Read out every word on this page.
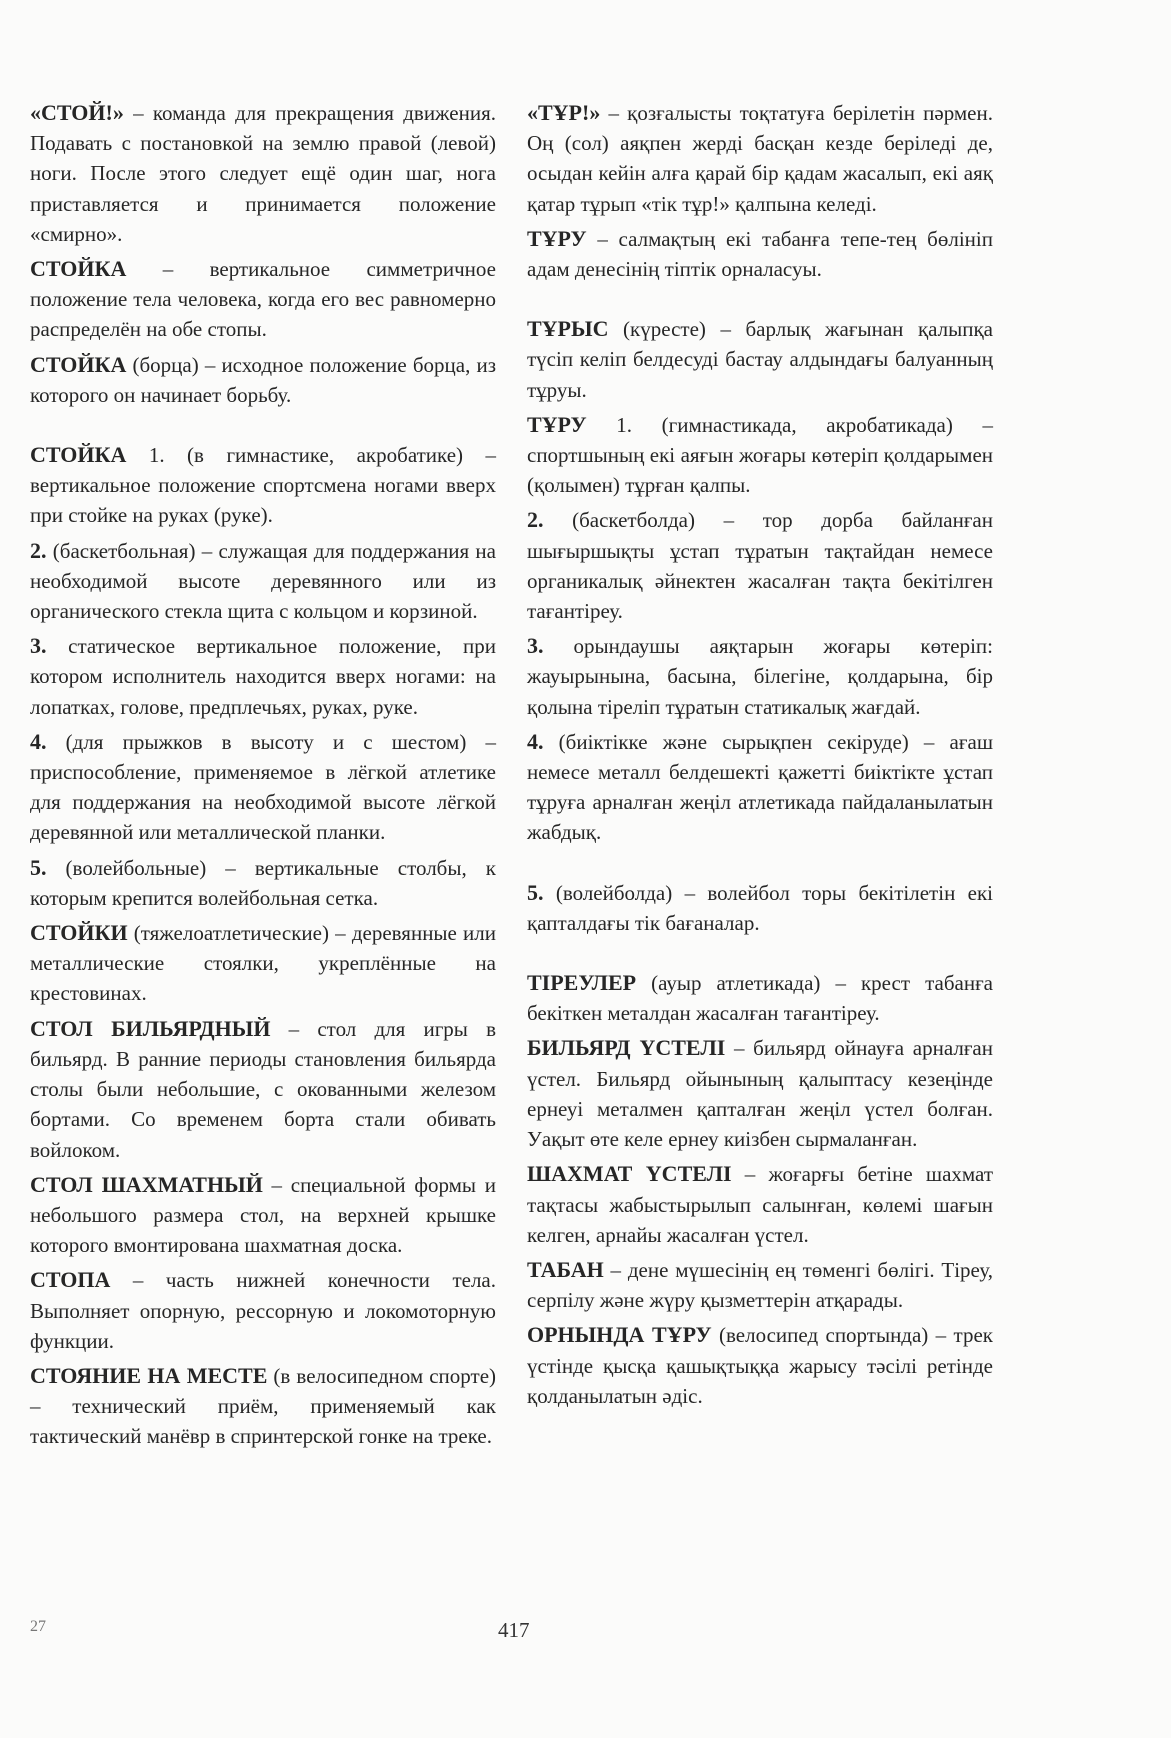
«СТОЙ!» – команда для прекращения движения. Подавать с постановкой на землю правой (левой) ноги. После этого следует ещё один шаг, нога приставляется и принимается положение «смирно».

СТОЙКА – вертикальное симметричное положение тела человека, когда его вес равномерно распределён на обе стопы.

СТОЙКА (борца) – исходное положение борца, из которого он начинает борьбу.

СТОЙКА 1. (в гимнастике, акробатике) – вертикальное положение спортсмена ногами вверх при стойке на руках (руке).

2. (баскетбольная) – служащая для поддержания на необходимой высоте деревянного или из органического стекла щита с кольцом и корзиной.

3. статическое вертикальное положение, при котором исполнитель находится вверх ногами: на лопатках, голове, предплечьях, руках, руке.

4. (для прыжков в высоту и с шестом) – приспособление, применяемое в лёгкой атлетике для поддержания на необходимой высоте лёгкой деревянной или металлической планки.

5. (волейбольные) – вертикальные столбы, к которым крепится волейбольная сетка.

СТОЙКИ (тяжелоатлетические) – деревянные или металлические стоялки, укреплённые на крестовинах.

СТОЛ БИЛЬЯРДНЫЙ – стол для игры в бильярд. В ранние периоды становления бильярда столы были небольшие, с окованными железом бортами. Со временем борта стали обивать войлоком.

СТОЛ ШАХМАТНЫЙ – специальной формы и небольшого размера стол, на верхней крышке которого вмонтирована шахматная доска.

СТОПА – часть нижней конечности тела. Выполняет опорную, рессорную и локомоторную функции.

СТОЯНИЕ НА МЕСТЕ (в велосипедном спорте) – технический приём, применяемый как тактический манёвр в спринтерской гонке на треке.

«ТҰР!» – қозғалысты тоқтатуға берілетін пәрмен. Оң (сол) аяқпен жерді басқан кезде беріледі де, осыдан кейін алға қарай бір қадам жасалып, екі аяқ қатар тұрып «тік тұр!» қалпына келеді.

ТҰРУ – салмақтың екі табанға тепе-тең бөлініп адам денесінің тіптік орналасуы.

ТҰРЫС (күресте) – барлық жағынан қалыпқа түсіп келіп белдесуді бастау алдындағы балуанның тұруы.

ТҰРУ 1. (гимнастикада, акробатикада) – спортшының екі аяғын жоғары көтеріп қолдарымен (қолымен) тұрған қалпы.

2. (баскетболда) – тор дорба байланған шығыршықты ұстап тұратын тақтайдан немесе органикалық әйнектен жасалған тақта бекітілген тағантіреу.

3. орындаушы аяқтарын жоғары көтеріп: жауырынына, басына, білегіне, қолдарына, бір қолына тіреліп тұратын статикалық жағдай.

4. (биіктікке және сырықпен секіруде) – ағаш немесе металл белдешекті қажетті биіктікте ұстап тұруға арналған жеңіл атлетикада пайдаланылатын жабдық.

5. (волейболда) – волейбол торы бекітілетін екі қапталдағы тік бағаналар.

ТІРЕУЛЕР (ауыр атлетикада) – крест табанға бекіткен металдан жасалған тағантіреу.

БИЛЬЯРД ҮСТЕЛІ – бильярд ойнауға арналған үстел. Бильярд ойынының қалыптасу кезеңінде ернеуі металмен қапталған жеңіл үстел болған. Уақыт өте келе ернеу киізбен сырмаланған.

ШАХМАТ ҮСТЕЛІ – жоғарғы бетіне шахмат тақтасы жабыстырылып салынған, көлемі шағын келген, арнайы жасалған үстел.

ТАБАН – дене мүшесінің ең төменгі бөлігі. Тіреу, серпілу және жүру қызметтерін атқарады.

ОРНЫНДА ТҰРУ (велосипед спортында) – трек үстінде қысқа қашықтыққа жарысу тәсілі ретінде қолданылатын әдіс.

27	417
